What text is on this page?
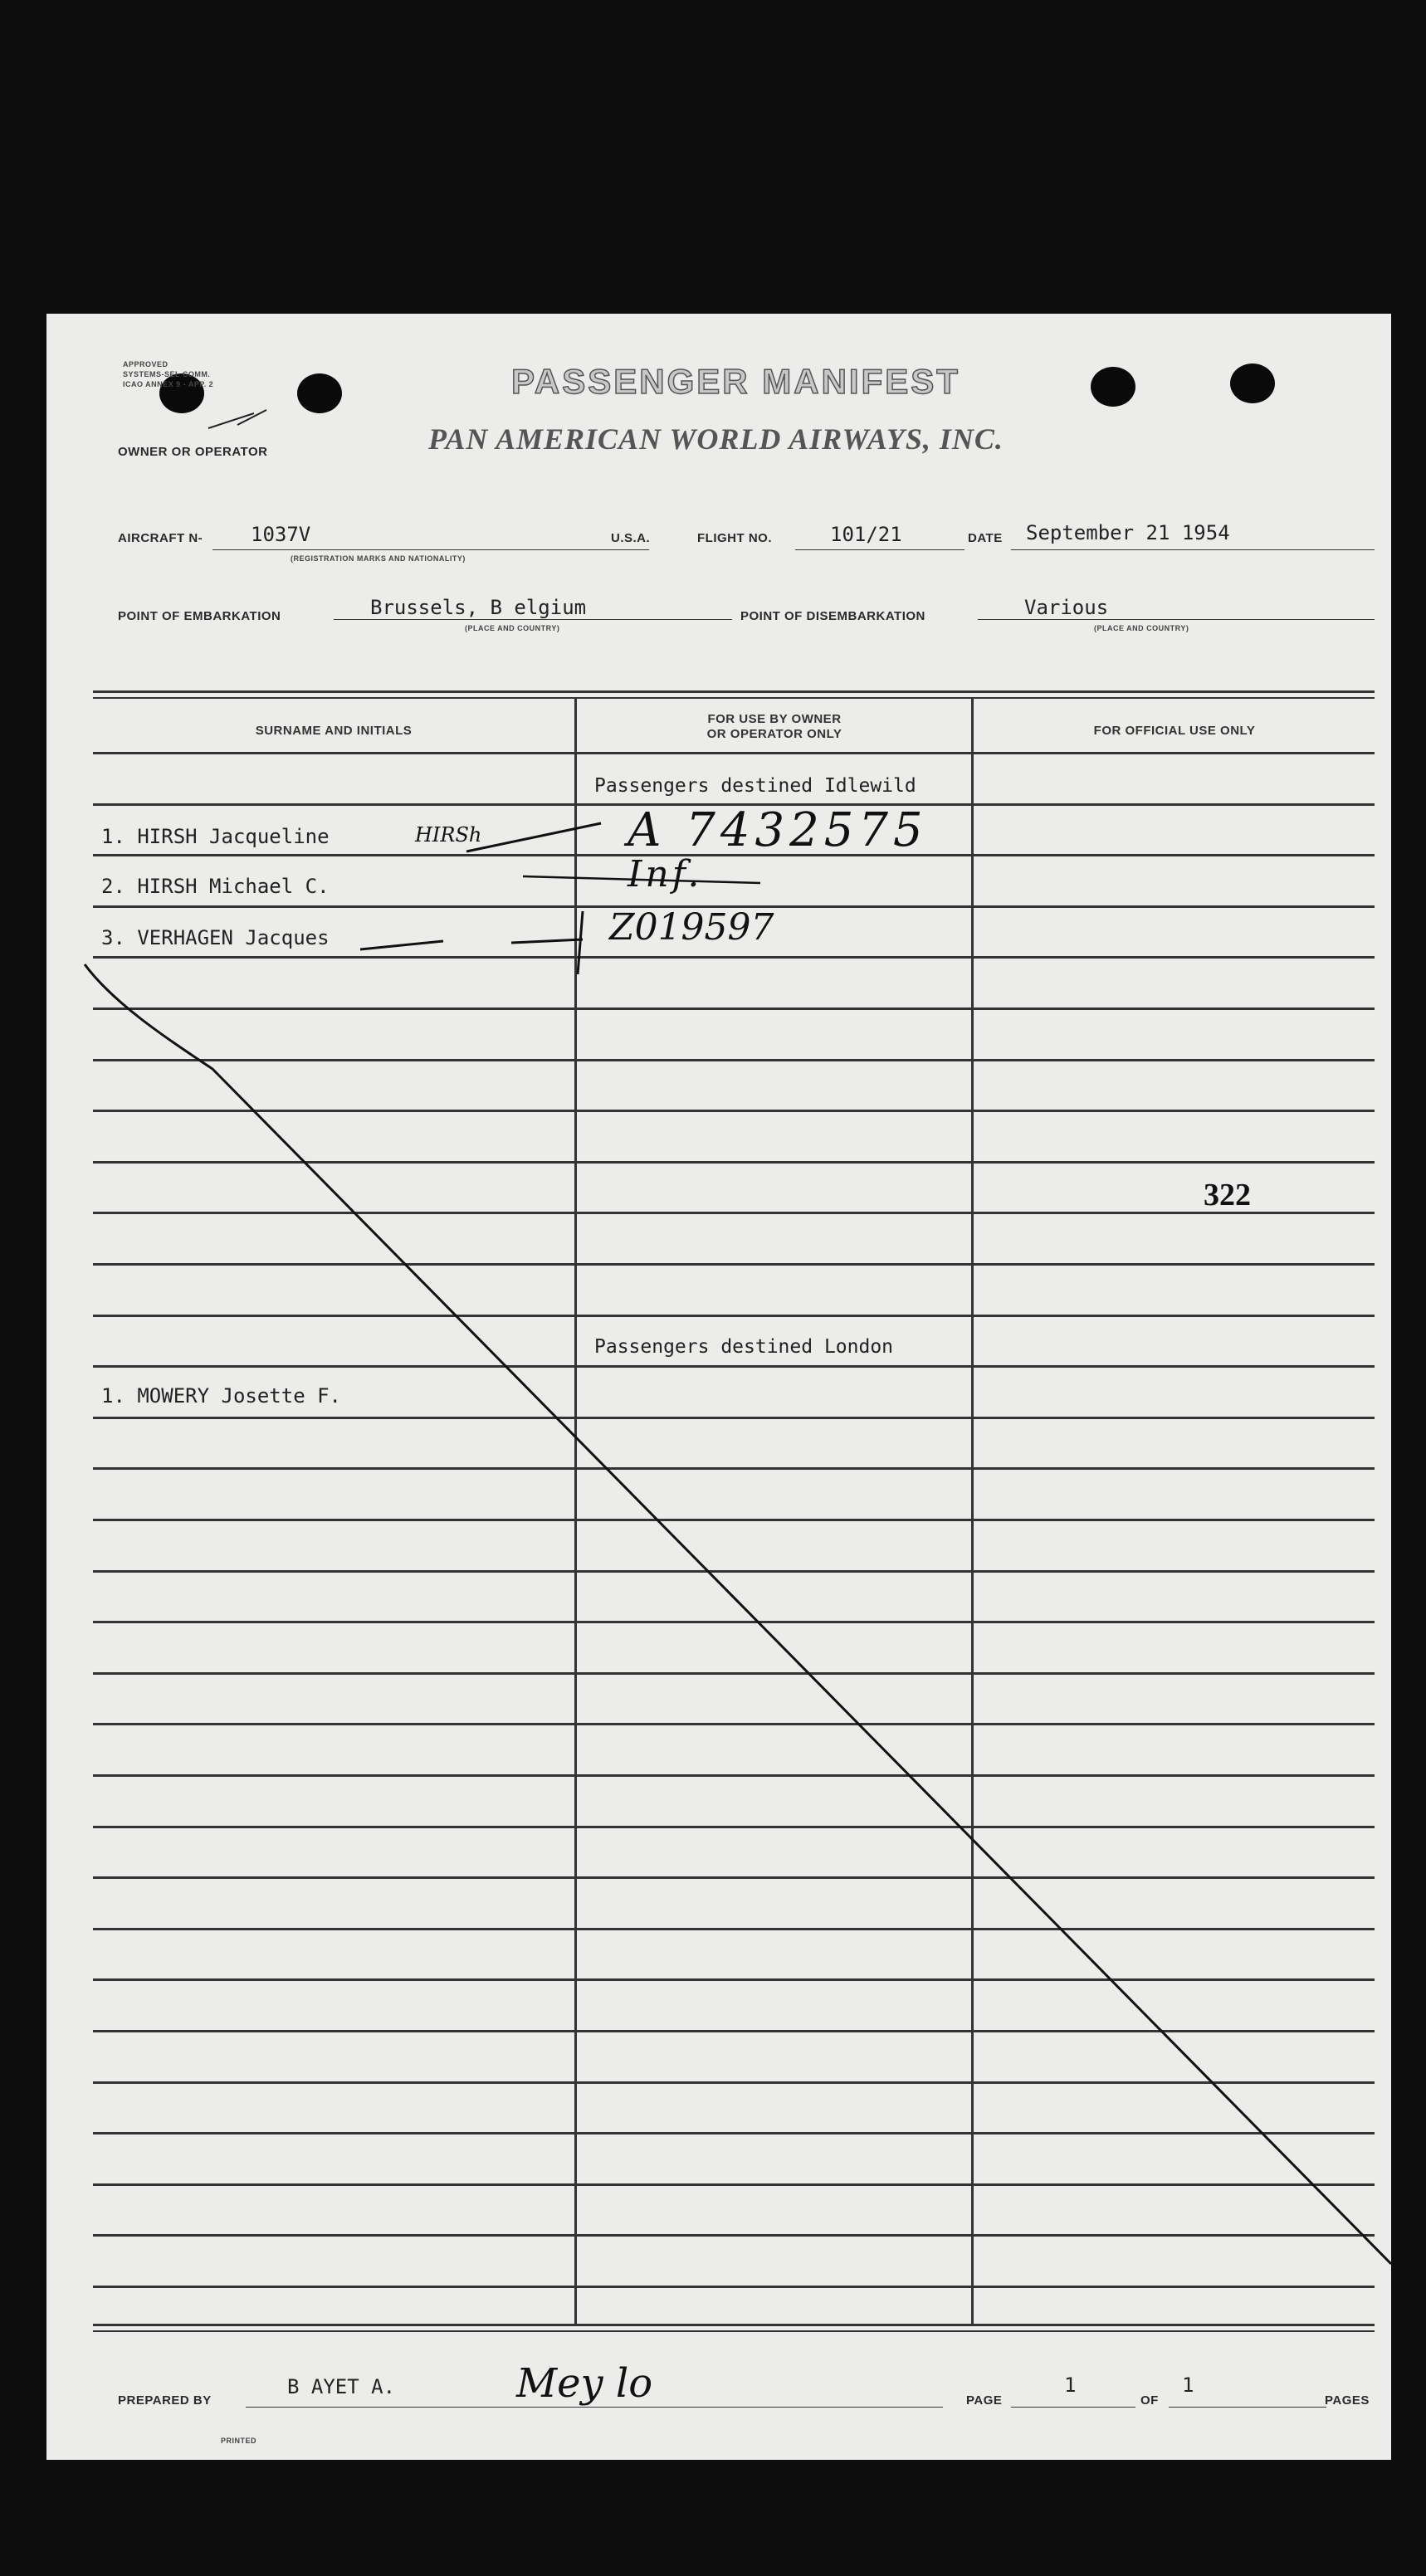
APPROVED
SYSTEMS-SEL COMM.
ICAO ANNEX 9 - APP. 2
OWNER OR OPERATOR
PASSENGER MANIFEST
PAN AMERICAN WORLD AIRWAYS, INC.
AIRCRAFT N- 1037V
(REGISTRATION MARKS AND NATIONALITY)
U.S.A.	FLIGHT NO.	101/21	DATE September 21 1954
POINT OF EMBARKATION	Brussels, B elgium
(PLACE AND COUNTRY)
POINT OF DISEMBARKATION	Various
(PLACE AND COUNTRY)
SURNAME AND INITIALS
FOR USE BY OWNER
OR OPERATOR ONLY	FOR OFFICIAL USE ONLY
Passengers destined Idlewild
1. HIRSH Jacqueline	HIRSh	A 7432575
2. HIRSH Michael C.	Inf.
3. VERHAGEN Jacques	Z019597
322
Passengers destined London
1. MOWERY Josette F.
PREPARED BY
B AYET A.	Mey lo	PAGE
1
OF
1
PAGES
PRINTED
